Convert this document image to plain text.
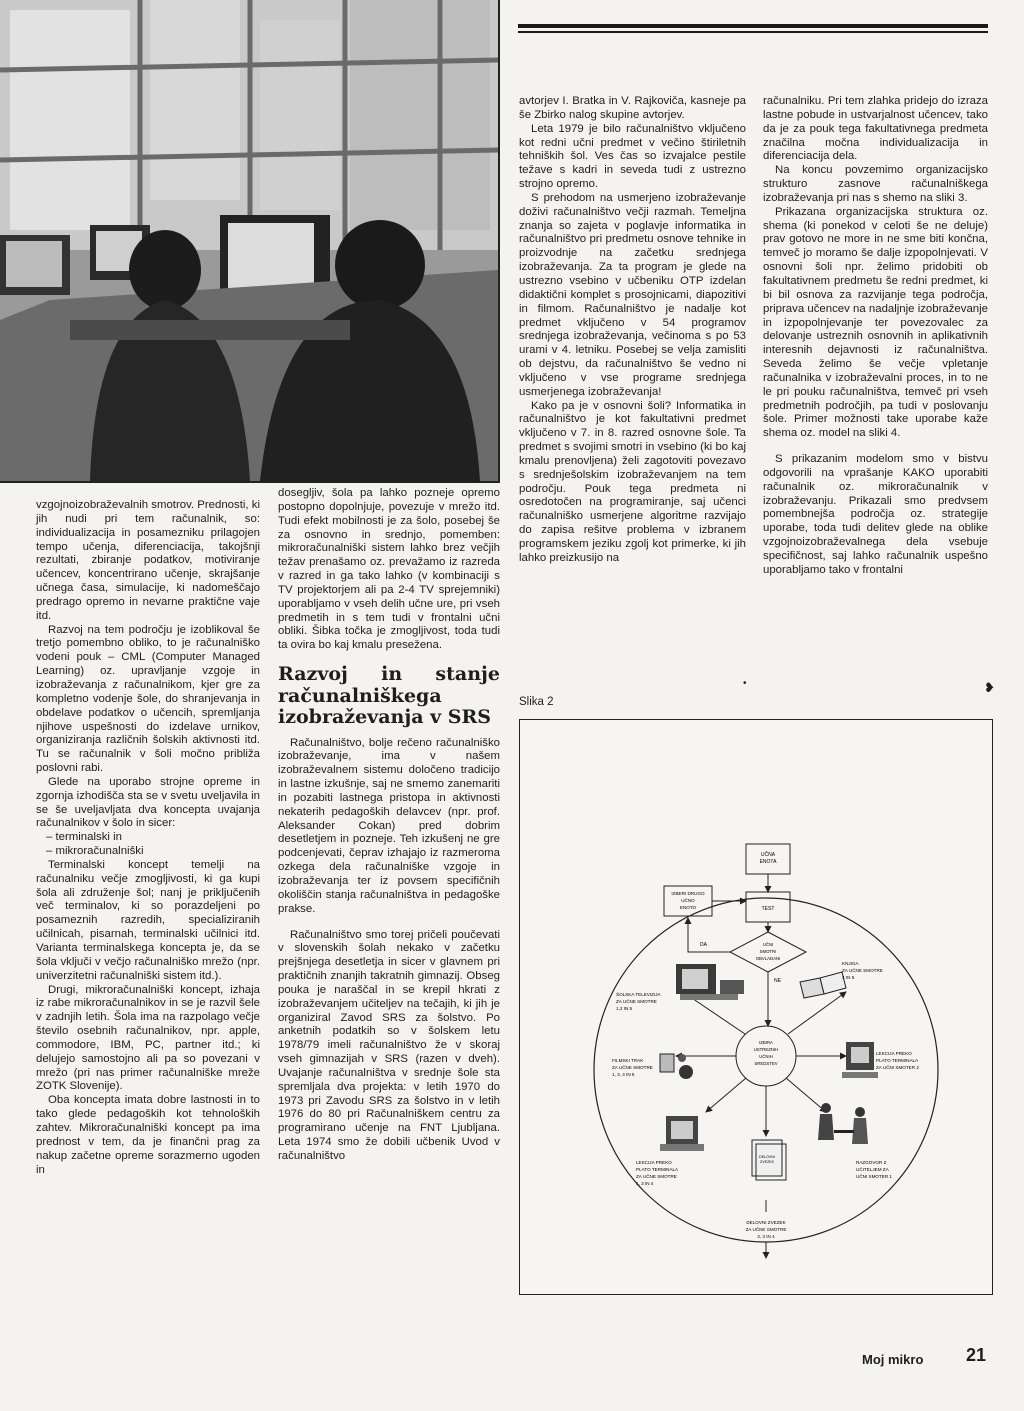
vzgojnoizobraževalnih smotrov. Prednosti, ki jih nudi pri tem računalnik, so: individualizacija in posamezniku prilagojen tempo učenja, diferenciacija, takojšnji rezultati, zbiranje podatkov, motiviranje učencev, koncentrirano učenje, skrajšanje učnega časa, simulacije, ki nadomeščajo predrago opremo in nevarne praktične vaje itd.

Razvoj na tem področju je izoblikoval še tretjo pomembno obliko, to je računalniško vodeni pouk – CML (Computer Managed Learning) oz. upravljanje vzgoje in izobraževanja z računalnikom, kjer gre za kompletno vodenje šole, do shranjevanja in obdelave podatkov o učencih, spremljanja njihove uspešnosti do izdelave urnikov, organiziranja različnih šolskih aktivnosti itd. Tu se računalnik v šoli močno približa poslovni rabi.

Glede na uporabo strojne opreme in zgornja izhodišča sta se v svetu uveljavila in se še uveljavljata dva koncepta uvajanja računalnikov v šolo in sicer:

– terminalski in
– mikroračunalniški

Terminalski koncept temelji na računalniku večje zmogljivosti, ki ga kupi šola ali združenje šol; nanj je priključenih več terminalov, ki so porazdeljeni po posameznih razredih, specializiranih učilnicah, pisarnah, terminalski učilnici itd. Varianta terminalskega koncepta je, da se šola vključi v večjo računalniško mrežo (npr. univerzitetni računalniški sistem itd.).

Drugi, mikroračunalniški koncept, izhaja iz rabe mikroračunalnikov in se je razvil šele v zadnjih letih. Šola ima na razpolago večje število osebnih računalnikov, npr. apple, commodore, IBM, PC, partner itd.; ki delujejo samostojno ali pa so povezani v mrežo (pri nas primer računalniške mreže ZOTK Slovenije).

Oba koncepta imata dobre lastnosti in to tako glede pedagoških kot tehnoloških zahtev. Mikroračunalniški koncept pa ima prednost v tem, da je finančni prag za nakup začetne opreme sorazmerno ugoden in

dosegljiv, šola pa lahko pozneje opremo postopno dopolnjuje, povezuje v mrežo itd. Tudi efekt mobilnosti je za šolo, posebej še za osnovno in srednjo, pomemben: mikroračunalniški sistem lahko brez večjih težav prenašamo oz. prevažamo iz razreda v razred in ga tako lahko (v kombinaciji s TV projektorjem ali pa 2-4 TV sprejemniki) uporabljamo v vseh delih učne ure, pri vseh predmetih in s tem tudi v frontalni učni obliki. Šibka točka je zmogljivost, toda tudi ta ovira bo kaj kmalu presežena.

Razvoj in stanje računalniškega izobraževanja v SRS

Računalništvo, bolje rečeno računalniško izobraževanje, ima v našem izobraževalnem sistemu določeno tradicijo in lastne izkušnje, saj ne smemo zanemariti in pozabiti lastnega pristopa in aktivnosti nekaterih pedagoških delavcev (npr. prof. Aleksander Cokan) pred dobrim desetletjem in pozneje. Teh izkušenj ne gre podcenjevati, čeprav izhajajo iz razmeroma ozkega dela računalniške vzgoje in izobraževanja ter iz povsem specifičnih okoliščin stanja računalništva in pedagoške prakse.

Računalništvo smo torej pričeli poučevati v slovenskih šolah nekako v začetku prejšnjega desetletja in sicer v glavnem pri praktičnih znanjih takratnih gimnazij. Obseg pouka je naraščal in se krepil hkrati z izobraževanjem učiteljev na tečajih, ki jih je organiziral Zavod SRS za šolstvo. Po anketnih podatkih so v šolskem letu 1978/79 imeli računalništvo že v skoraj vseh gimnazijah v SRS (razen v dveh). Uvajanje računalništva v srednje šole sta spremljala dva projekta: v letih 1970 do 1973 pri Zavodu SRS za šolstvo in v letih 1976 do 80 pri Računalniškem centru za programirano učenje na FNT Ljubljana. Leta 1974 smo že dobili učbenik Uvod v računalništvo

avtorjev I. Bratka in V. Rajkoviča, kasneje pa še Zbirko nalog skupine avtorjev.

Leta 1979 je bilo računalništvo vključeno kot redni učni predmet v večino štiriletnih tehniških šol. Ves čas so izvajalce pestile težave s kadri in seveda tudi z ustrezno strojno opremo.

S prehodom na usmerjeno izobraževanje doživi računalništvo večji razmah. Temeljna znanja so zajeta v poglavje informatika in računalništvo pri predmetu osnove tehnike in proizvodnje na začetku srednjega izobraževanja. Za ta program je glede na ustrezno vsebino v učbeniku OTP izdelan didaktični komplet s prosojnicami, diapozitivi in filmom. Računalništvo je nadalje kot predmet vključeno v 54 programov srednjega izobraževanja, večinoma s po 53 urami v 4. letniku. Posebej se velja zamisliti ob dejstvu, da računalništvo še vedno ni vključeno v vse programe srednjega usmerjenega izobraževanja!

Kako pa je v osnovni šoli? Informatika in računalništvo je kot fakultativni predmet vključeno v 7. in 8. razred osnovne šole. Ta predmet s svojimi smotri in vsebino (ki bo kaj kmalu prenovljena) želi zagotoviti povezavo s srednješolskim izobraževanjem na tem področju. Pouk tega predmeta ni osredotočen na programiranje, saj učenci računalniško usmerjene algoritme razvijajo do zapisa rešitve problema v izbranem programskem jeziku zgolj kot primerke, ki jih lahko preizkusijo na

računalniku. Pri tem zlahka pridejo do izraza lastne pobude in ustvarjalnost učencev, tako da je za pouk tega fakultativnega predmeta značilna močna individualizacija in diferenciacija dela.

Na koncu povzemimo organizacijsko strukturo zasnove računalniškega izobraževanja pri nas s shemo na sliki 3.

Prikazana organizacijska struktura oz. shema (ki ponekod v celoti še ne deluje) prav gotovo ne more in ne sme biti končna, temveč jo moramo še dalje izpopolnjevati. V osnovni šoli npr. želimo pridobiti ob fakultativnem predmetu še redni predmet, ki bi bil osnova za razvijanje tega področja, priprava učencev na nadaljnje izobraževanje in izpopolnjevanje ter povezovalec za delovanje ustreznih osnovnih in aplikativnih interesnih dejavnosti iz računalništva. Seveda želimo še večje vpletanje računalnika v izobraževalni proces, in to ne le pri pouku računalništva, temveč pri vseh predmetnih področjih, pa tudi v poslovanju šole. Primer možnosti take uporabe kaže shema oz. model na sliki 4.

S prikazanim modelom smo v bistvu odgovorili na vprašanje KAKO uporabiti računalnik oz. mikroračunalnik v izobraževanju. Prikazali smo predvsem pomembnejša področja oz. strategije uporabe, toda tudi delitev glede na oblike vzgojnoizobraževalnega dela vsebuje specifičnost, saj lahko računalnik uspešno uporabljamo tako v frontalni

•	❥
Slika 2
UČNA
ENOTA
TEST
IZBERI DRUGO
UČNO
ENOTO
UČNI
SMOTRI
OBVLADANI
DA
NE
IZBIRA
USTREZNIH
UČNIH
SREDSTEV
ŠOLSKA TELEVIZIJA
ZA UČNE SMOTRE
1,2 IN 5
KNJIGA
ZA UČNE SMOTRE
4 IN 5
FILMSKI TRAK
ZA UČNE SMOTRE
1, 3, 4 IN 5
LEKCIJA PREKO
PLATO TERMINALA
ZA UČNI SMOTER 2
LEKCIJA PREKO
PLATO TERMINALA
ZA UČNE SMOTRE
1, 3 IN 4
RAZGOVOR Z
UČITELJEM ZA
UČNI SMOTER 1
DELOVNI
ZVEZEK
DELOVNI ZVEZEK
ZA UČNE SMOTRE
2, 3 IN 4
Moj mikro 21
